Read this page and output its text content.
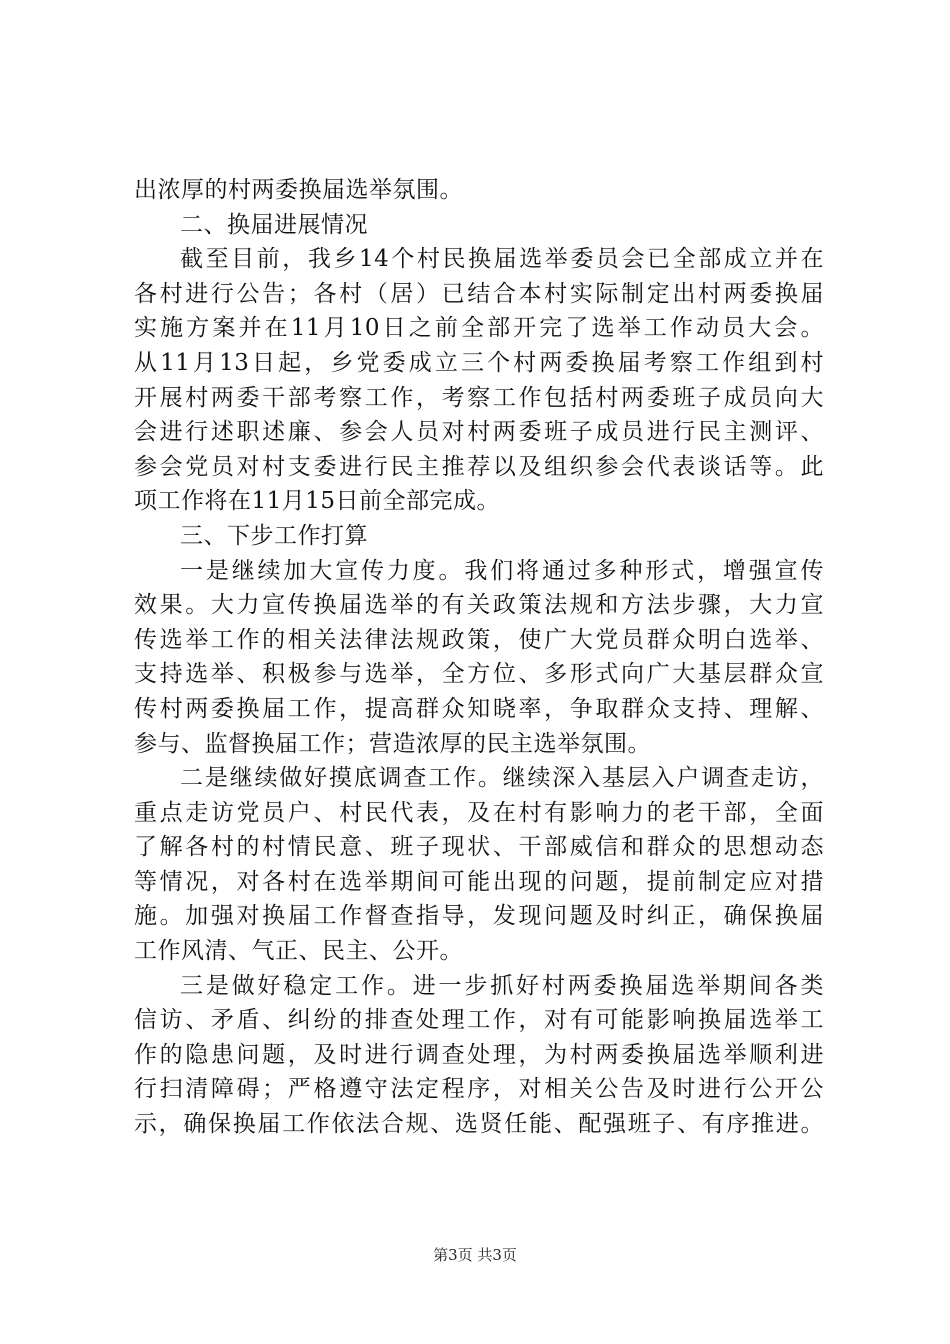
出浓厚的村两委换届选举氛围。
二、换届进展情况
截至目前，我乡14个村民换届选举委员会已全部成立并在
各村进行公告；各村（居）已结合本村实际制定出村两委换届
实施方案并在11月10日之前全部开完了选举工作动员大会。
从11月13日起，乡党委成立三个村两委换届考察工作组到村
开展村两委干部考察工作，考察工作包括村两委班子成员向大
会进行述职述廉、参会人员对村两委班子成员进行民主测评、
参会党员对村支委进行民主推荐以及组织参会代表谈话等。此
项工作将在11月15日前全部完成。
三、下步工作打算
一是继续加大宣传力度。我们将通过多种形式，增强宣传
效果。大力宣传换届选举的有关政策法规和方法步骤，大力宣
传选举工作的相关法律法规政策，使广大党员群众明白选举、
支持选举、积极参与选举，全方位、多形式向广大基层群众宣
传村两委换届工作，提高群众知晓率，争取群众支持、理解、
参与、监督换届工作；营造浓厚的民主选举氛围。
二是继续做好摸底调查工作。继续深入基层入户调查走访，
重点走访党员户、村民代表，及在村有影响力的老干部，全面
了解各村的村情民意、班子现状、干部威信和群众的思想动态
等情况，对各村在选举期间可能出现的问题，提前制定应对措
施。加强对换届工作督查指导，发现问题及时纠正，确保换届
工作风清、气正、民主、公开。
三是做好稳定工作。进一步抓好村两委换届选举期间各类
信访、矛盾、纠纷的排查处理工作，对有可能影响换届选举工
作的隐患问题，及时进行调查处理，为村两委换届选举顺利进
行扫清障碍；严格遵守法定程序，对相关公告及时进行公开公
示，确保换届工作依法合规、选贤任能、配强班子、有序推进。
第3页 共3页
